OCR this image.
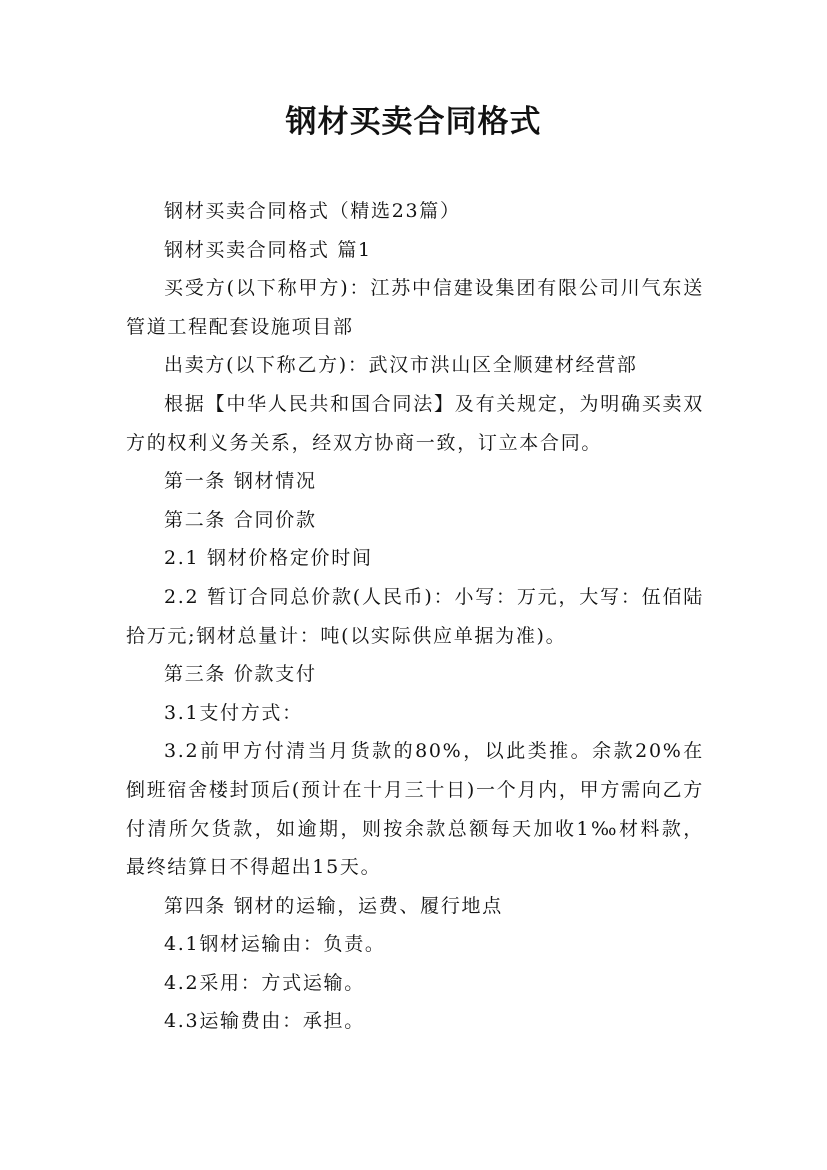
钢材买卖合同格式

钢材买卖合同格式（精选23篇）

钢材买卖合同格式 篇1

买受方(以下称甲方)：江苏中信建设集团有限公司川气东送管道工程配套设施项目部

出卖方(以下称乙方)：武汉市洪山区全顺建材经营部

根据【中华人民共和国合同法】及有关规定，为明确买卖双方的权利义务关系，经双方协商一致，订立本合同。

第一条 钢材情况

第二条 合同价款

2.1 钢材价格定价时间

2.2 暂订合同总价款(人民币)：小写：万元，大写：伍佰陆拾万元;钢材总量计：吨(以实际供应单据为准)。

第三条 价款支付

3.1支付方式：

3.2前甲方付清当月货款的80%，以此类推。余款20%在倒班宿舍楼封顶后(预计在十月三十日)一个月内，甲方需向乙方付清所欠货款，如逾期，则按余款总额每天加收1‰材料款，最终结算日不得超出15天。

第四条 钢材的运输，运费、履行地点

4.1钢材运输由：负责。

4.2采用：方式运输。

4.3运输费由：承担。
